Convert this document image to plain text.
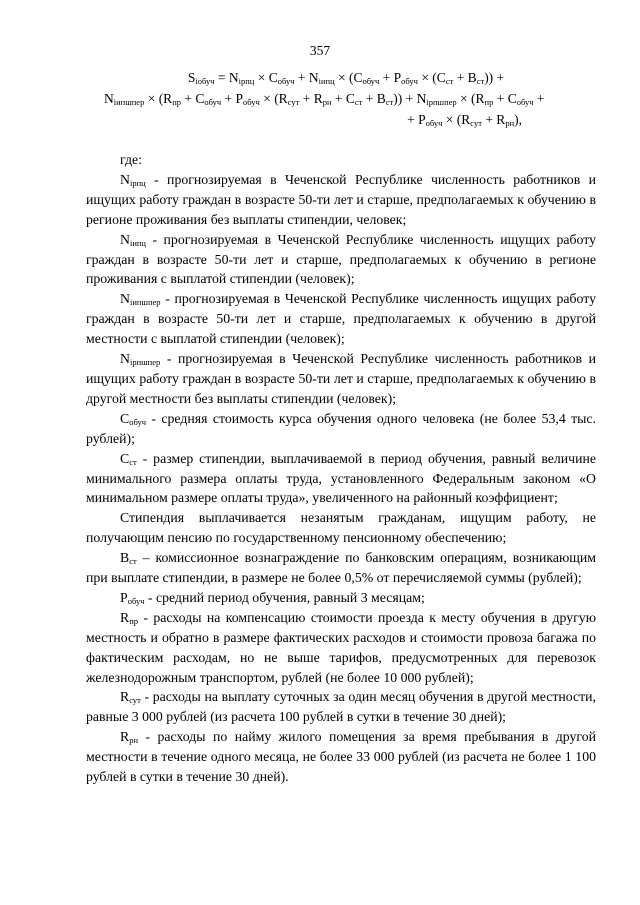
357
$S_{iобуч} = N_{iрпц} \times C_{обуч} + N_{iипц} \times (C_{обуч} + P_{обуч} \times (C_{ст} + B_{ст}))$ +
$N_{iипшпер} \times (R_{пр} + C_{обуч} + P_{обуч} \times (R_{сут} + R_{рн} + C_{ст} + B_{ст})) + N_{iрпшпер} \times (R_{пр} + C_{обуч}$ +
+ $P_{обуч} \times (R_{сут} + R_{рн})$,

где:

$N_{iрпц}$ - прогнозируемая в Чеченской Республике численность работников и ищущих работу граждан в возрасте 50-ти лет и старше, предполагаемых к обучению в регионе проживания без выплаты стипендии, человек;

$N_{iипц}$ - прогнозируемая в Чеченской Республике численность ищущих работу граждан в возрасте 50-ти лет и старше, предполагаемых к обучению в регионе проживания с выплатой стипендии (человек);

$N_{iипшпер}$ - прогнозируемая в Чеченской Республике численность ищущих работу граждан в возрасте 50-ти лет и старше, предполагаемых к обучению в другой местности с выплатой стипендии (человек);

$N_{iрпшпер}$ - прогнозируемая в Чеченской Республике численность работников и ищущих работу граждан в возрасте 50-ти лет и старше, предполагаемых к обучению в другой местности без выплаты стипендии (человек);

$C_{обуч}$ - средняя стоимость курса обучения одного человека (не более 53,4 тыс. рублей);

$C_{ст}$ - размер стипендии, выплачиваемой в период обучения, равный величине минимального размера оплаты труда, установленного Федеральным законом «О минимальном размере оплаты труда», увеличенного на районный коэффициент;

Стипендия выплачивается незанятым гражданам, ищущим работу, не получающим пенсию по государственному пенсионному обеспечению;

$B_{ст}$ – комиссионное вознаграждение по банковским операциям, возникающим при выплате стипендии, в размере не более 0,5% от перечисляемой суммы (рублей);

$P_{обуч}$ - средний период обучения, равный 3 месяцам;

$R_{пр}$ - расходы на компенсацию стоимости проезда к месту обучения в другую местность и обратно в размере фактических расходов и стоимости провоза багажа по фактическим расходам, но не выше тарифов, предусмотренных для перевозок железнодорожным транспортом, рублей (не более 10 000 рублей);

$R_{сут}$ - расходы на выплату суточных за один месяц обучения в другой местности, равные 3 000 рублей (из расчета 100 рублей в сутки в течение 30 дней);

$R_{рн}$ - расходы по найму жилого помещения за время пребывания в другой местности в течение одного месяца, не более 33 000 рублей (из расчета не более 1 100 рублей в сутки в течение 30 дней).
